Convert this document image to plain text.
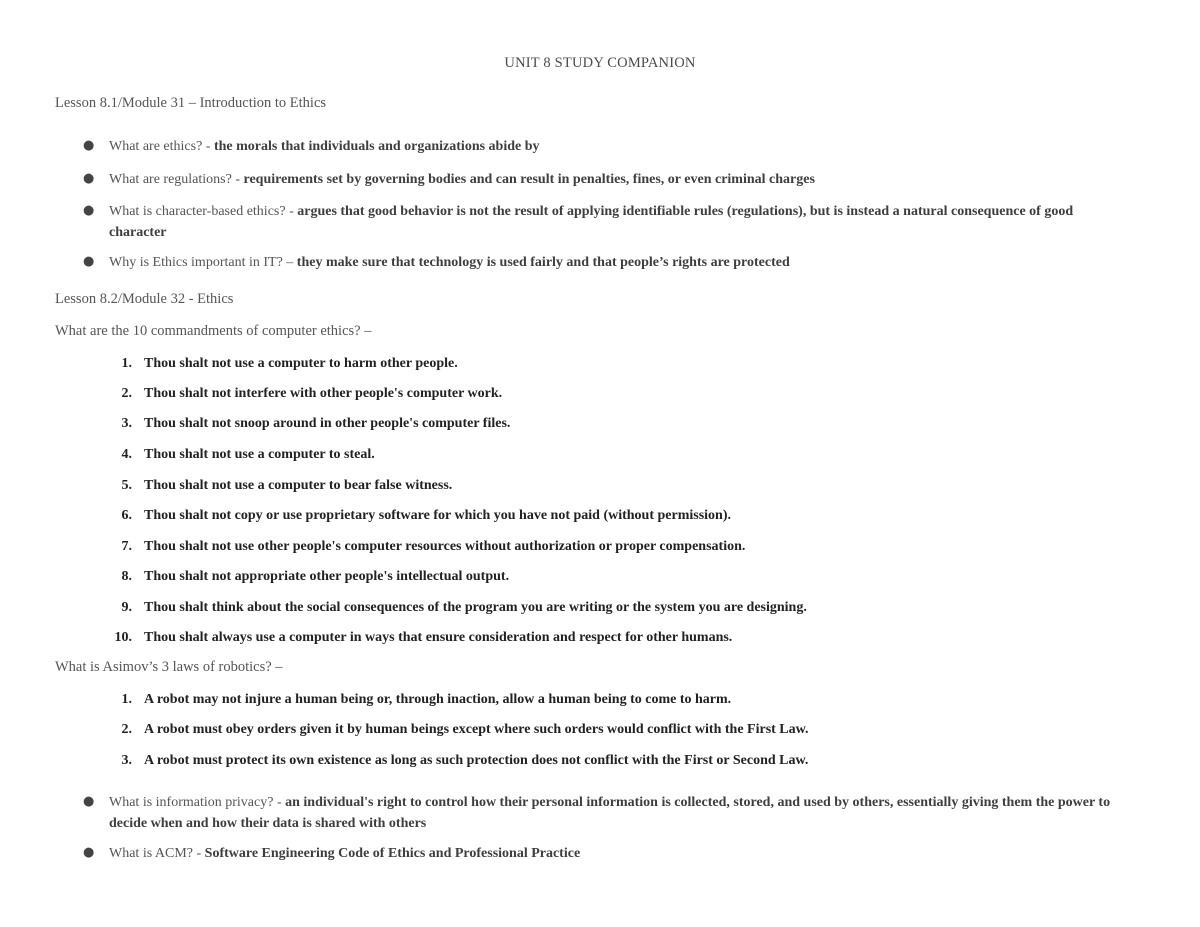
UNIT 8 STUDY COMPANION
Lesson 8.1/Module 31 – Introduction to Ethics
●	What are ethics? - the morals that individuals and organizations abide by
●	What are regulations? - requirements set by governing bodies and can result in penalties, fines, or even criminal charges
●	What is character-based ethics? - argues that good behavior is not the result of applying identifiable rules (regulations), but is instead a natural consequence of good character
●	Why is Ethics important in IT? – they make sure that technology is used fairly and that people’s rights are protected
Lesson 8.2/Module 32 - Ethics
What are the 10 commandments of computer ethics? –
1. Thou shalt not use a computer to harm other people.
2. Thou shalt not interfere with other people's computer work.
3. Thou shalt not snoop around in other people's computer files.
4. Thou shalt not use a computer to steal.
5. Thou shalt not use a computer to bear false witness.
6. Thou shalt not copy or use proprietary software for which you have not paid (without permission).
7. Thou shalt not use other people's computer resources without authorization or proper compensation.
8. Thou shalt not appropriate other people's intellectual output.
9. Thou shalt think about the social consequences of the program you are writing or the system you are designing.
10. Thou shalt always use a computer in ways that ensure consideration and respect for other humans.
What is Asimov’s 3 laws of robotics? –
1. A robot may not injure a human being or, through inaction, allow a human being to come to harm.
2. A robot must obey orders given it by human beings except where such orders would conflict with the First Law.
3. A robot must protect its own existence as long as such protection does not conflict with the First or Second Law.
●	What is information privacy? - an individual's right to control how their personal information is collected, stored, and used by others, essentially giving them the power to decide when and how their data is shared with others
●	What is ACM? - Software Engineering Code of Ethics and Professional Practice
